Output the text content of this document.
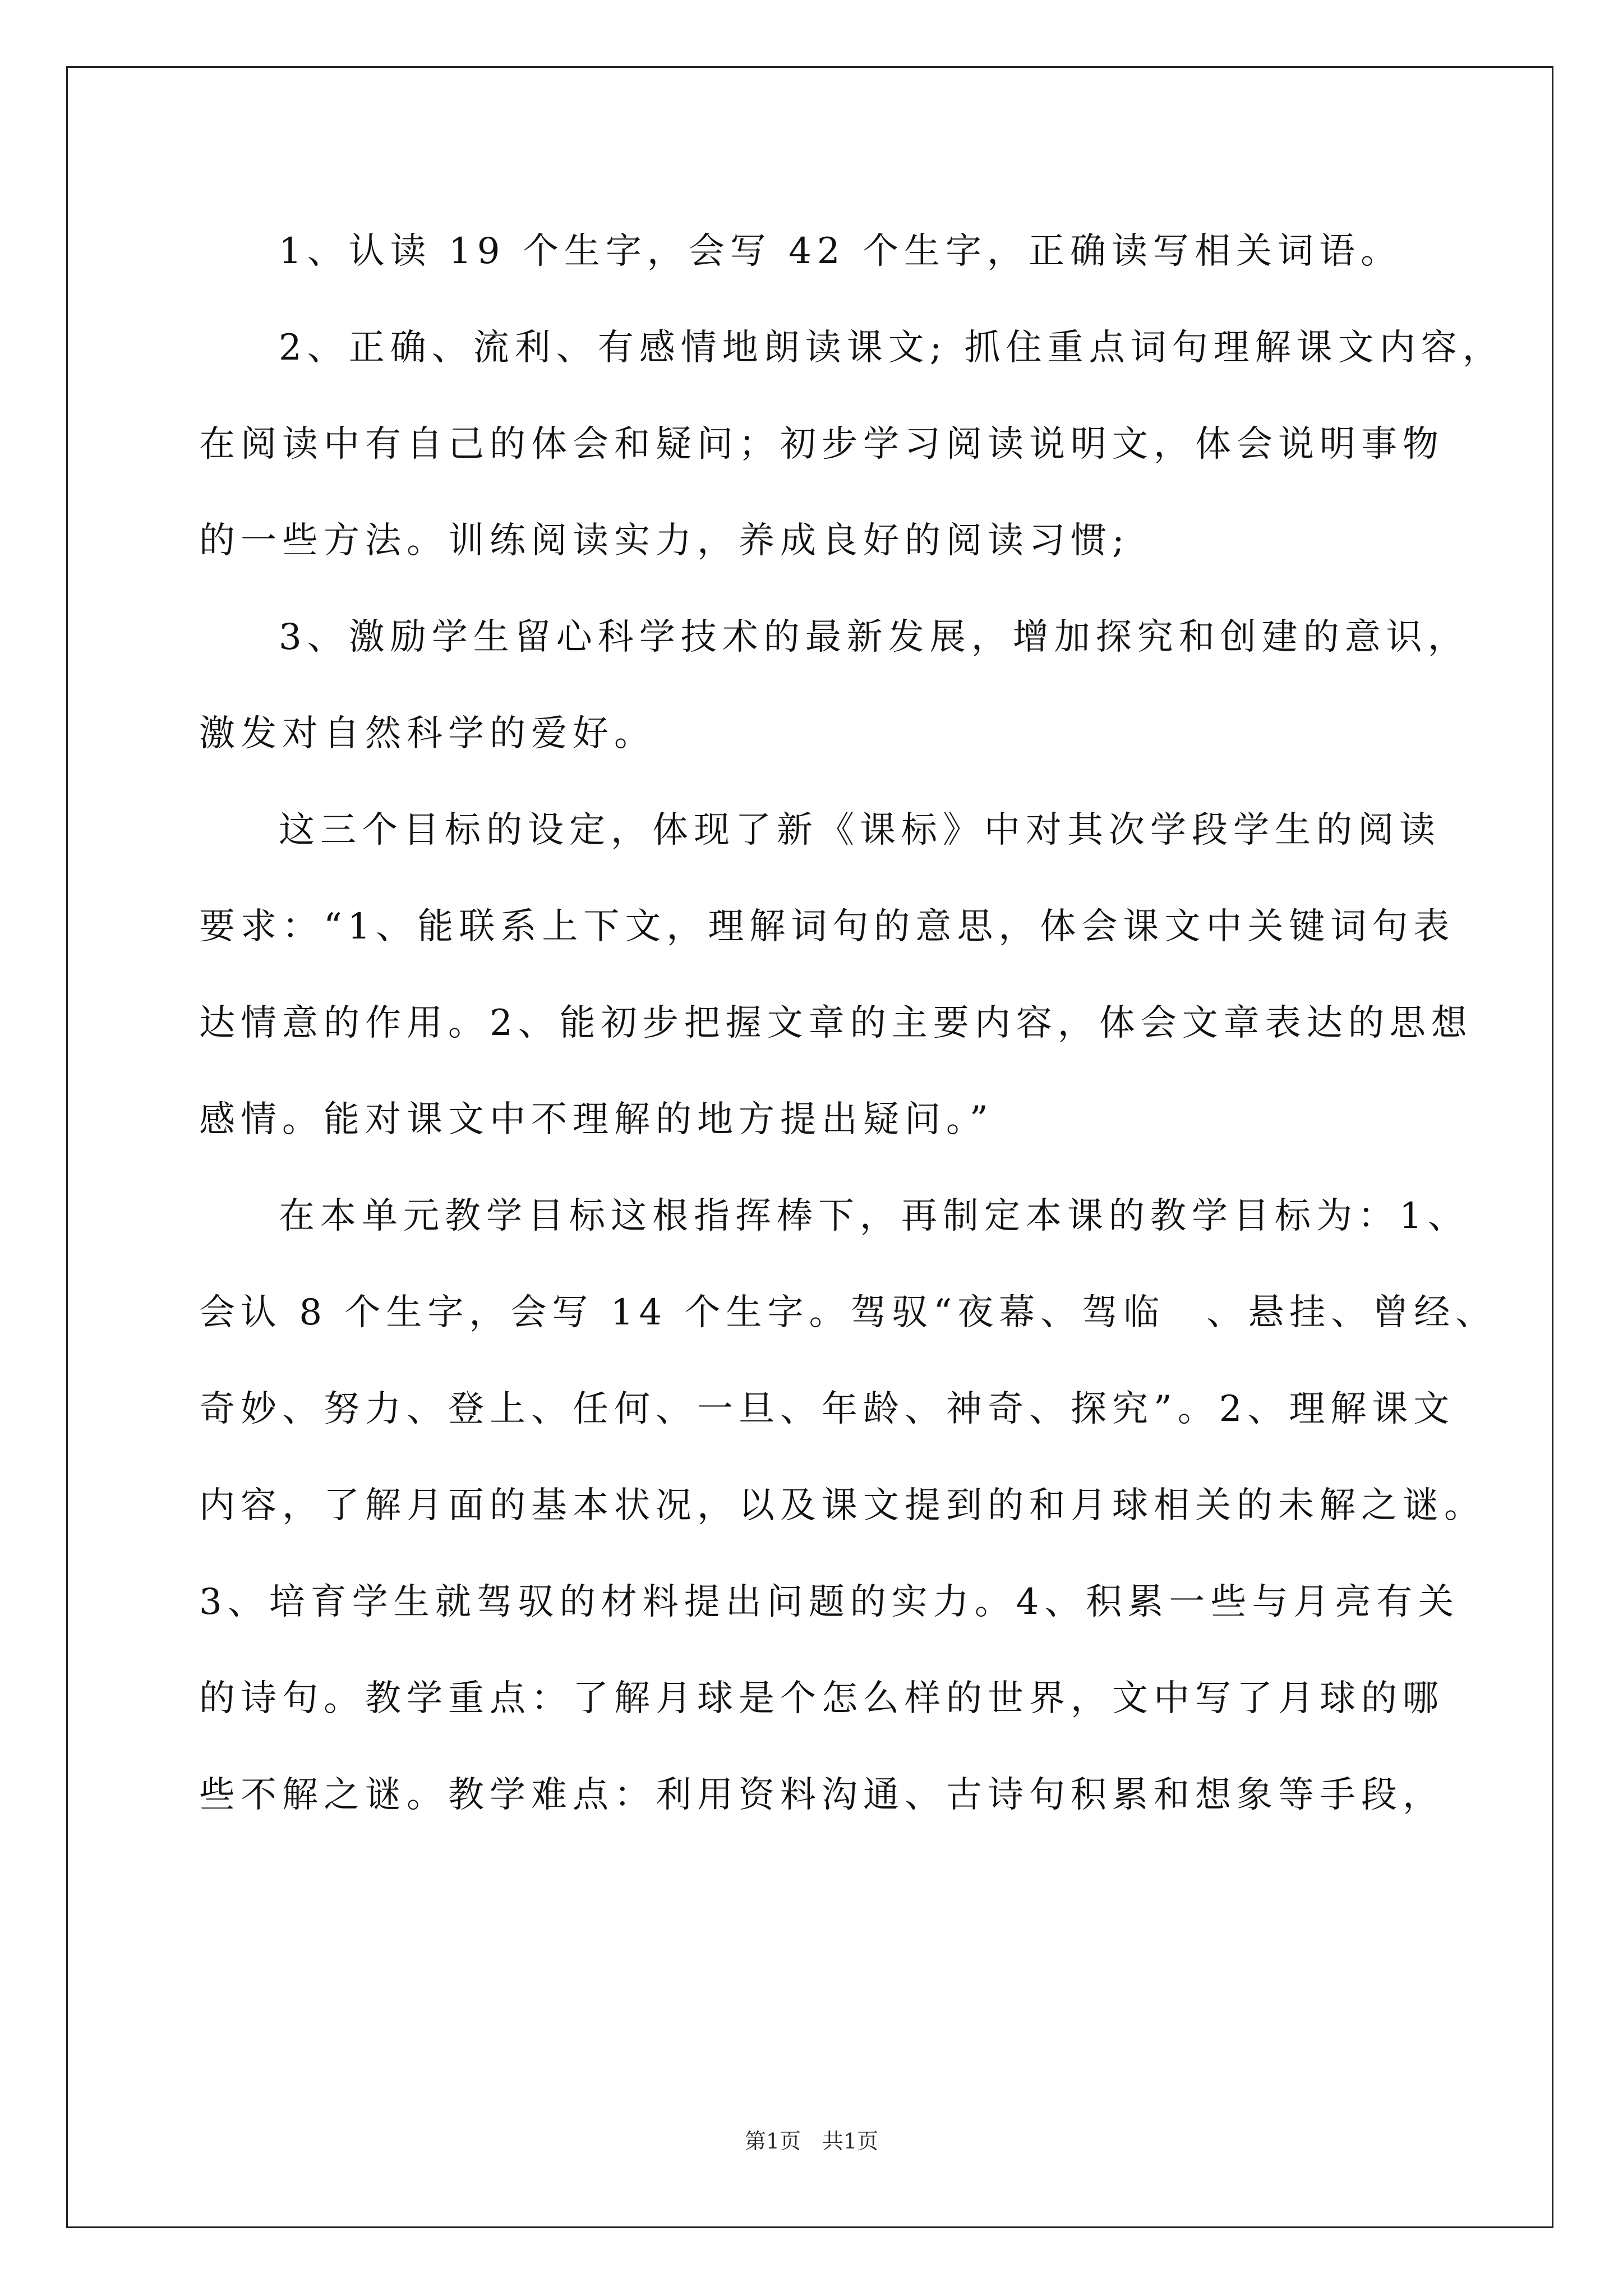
1、认读 19 个生字，会写 42 个生字，正确读写相关词语。
2、正确、流利、有感情地朗读课文; 抓住重点词句理解课文内容，
在阅读中有自己的体会和疑问；初步学习阅读说明文，体会说明事物
的一些方法。训练阅读实力，养成良好的阅读习惯;
3、激励学生留心科学技术的最新发展，增加探究和创建的意识，
激发对自然科学的爱好。
这三个目标的设定，体现了新《课标》中对其次学段学生的阅读
要求：“1、能联系上下文，理解词句的意思，体会课文中关键词句表
达情意的作用。2、能初步把握文章的主要内容，体会文章表达的思想
感情。能对课文中不理解的地方提出疑问。”
在本单元教学目标这根指挥棒下，再制定本课的教学目标为：1、
会认 8 个生字，会写 14 个生字。驾驭“夜幕、驾临　、悬挂、曾经、
奇妙、努力、登上、任何、一旦、年龄、神奇、探究”。2、理解课文
内容，了解月面的基本状况，以及课文提到的和月球相关的未解之谜。
3、培育学生就驾驭的材料提出问题的实力。4、积累一些与月亮有关
的诗句。教学重点：了解月球是个怎么样的世界，文中写了月球的哪
些不解之谜。教学难点：利用资料沟通、古诗句积累和想象等手段，
第1页　共1页
